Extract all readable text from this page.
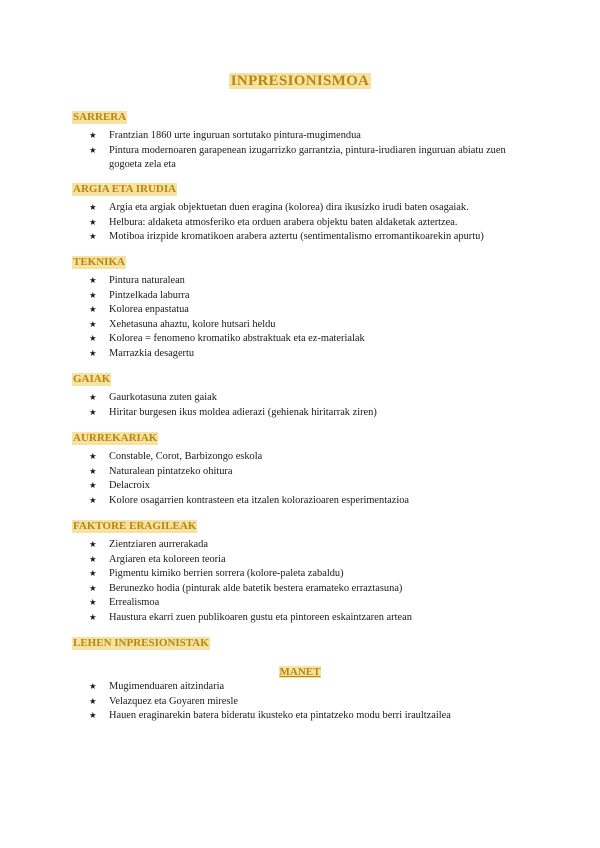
INPRESIONISMOA
SARRERA
★ Frantzian 1860 urte inguruan sortutako pintura-mugimendua
★ Pintura modernoaren garapenean izugarrizko garrantzia, pintura-irudiaren inguruan abiatu zuen gogoeta zela eta
ARGIA ETA IRUDIA
★ Argia eta argiak objektuetan duen eragina (kolorea) dira ikusizko irudi baten osagaiak.
★ Helbura: aldaketa atmosferiko eta orduen arabera objektu baten aldaketak aztertzea.
★ Motiboa irizpide kromatikoen arabera aztertu (sentimentalismo erromantikoarekin apurtu)
TEKNIKA
★ Pintura naturalean
★ Pintzelkada laburra
★ Kolorea enpastatua
★ Xehetasuna ahaztu, kolore hutsari heldu
★ Kolorea = fenomeno kromatiko abstraktuak eta ez-materialak
★ Marrazkia desagertu
GAIAK
★ Gaurkotasuna zuten gaiak
★ Hiritar burgesen ikus moldea adierazi (gehienak hiritarrak ziren)
AURREKARIAK
★ Constable, Corot, Barbizongo eskola
★ Naturalean pintatzeko ohitura
★ Delacroix
★ Kolore osagarrien kontrasteen eta itzalen kolorazioaren esperimentazioa
FAKTORE ERAGILEAK
★ Zientziaren aurrerakada
★ Argiaren eta koloreen teoria
★ Pigmentu kimiko berrien sorrera (kolore-paleta zabaldu)
★ Berunezko hodia (pinturak alde batetik bestera eramateko erraztasuna)
★ Errealismoa
★ Haustura ekarri zuen publikoaren gustu eta pintoreen eskaintzaren artean
LEHEN INPRESIONISTAK
MANET
★ Mugimenduaren aitzindaria
★ Velazquez eta Goyaren miresle
★ Hauen eraginarekin batera bideratu ikusteko eta pintatzeko modu berri iraultzailea
